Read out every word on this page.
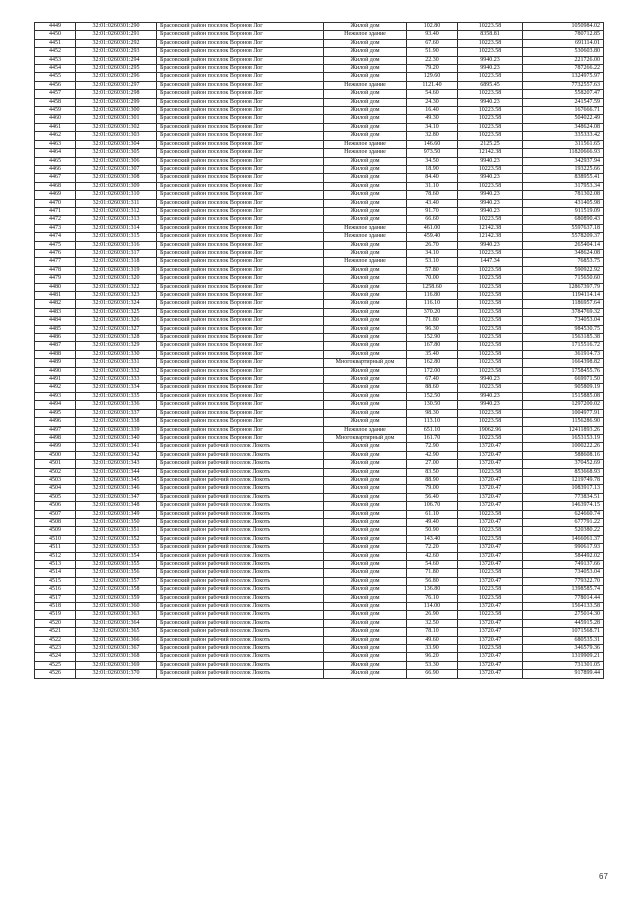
4449	32:01:0260301:290	Брасовский район поселок Воронов Лог	Жилой дом	102.80	10223.58	1050984.02
4450	32:01:0260301:291	Брасовский район поселок Воронов Лог	Нежилое здание	93.40	8358.81	780712.85
4451	32:01:0260301:292	Брасовский район поселок Воронов Лог	Жилой дом	67.60	10223.58	691114.01
4452	32:01:0260301:293	Брасовский район поселок Воронов Лог	Жилой дом	51.90	10223.58	530603.80
4453	32:01:0260301:294	Брасовский район поселок Воронов Лог	Жилой дом	22.30	9940.23	221726.00
4454	32:01:0260301:295	Брасовский район поселок Воронов Лог	Жилой дом	79.20	9940.23	787266.22
4455	32:01:0260301:296	Брасовский район поселок Воронов Лог	Жилой дом	129.60	10223.58	1324975.97
4456	32:01:0260301:297	Брасовский район поселок Воронов Лог	Нежилое здание	1121.40	6895.45	7732557.63
4457	32:01:0260301:298	Брасовский район поселок Воронов Лог	Жилой дом	54.60	10223.58	558207.47
4458	32:01:0260301:299	Брасовский район поселок Воронов Лог	Жилой дом	24.30	9940.23	241547.59
4459	32:01:0260301:300	Брасовский район поселок Воронов Лог	Жилой дом	16.40	10223.58	167666.71
4460	32:01:0260301:301	Брасовский район поселок Воронов Лог	Жилой дом	49.30	10223.58	504022.49
4461	32:01:0260301:302	Брасовский район поселок Воронов Лог	Жилой дом	34.10	10223.58	348624.08
4462	32:01:0260301:303	Брасовский район поселок Воронов Лог	Жилой дом	32.80	10223.58	335333.42
4463	32:01:0260301:304	Брасовский район поселок Воронов Лог	Нежилое здание	146.60	2125.25	311561.65
4464	32:01:0260301:305	Брасовский район поселок Воронов Лог	Нежилое здание	973.50	12142.38	11820666.93
4465	32:01:0260301:306	Брасовский район поселок Воронов Лог	Жилой дом	34.50	9940.23	342937.94
4466	32:01:0260301:307	Брасовский район поселок Воронов Лог	Жилой дом	18.90	10223.58	193225.66
4467	32:01:0260301:308	Брасовский район поселок Воронов Лог	Жилой дом	84.40	9940.23	838955.41
4468	32:01:0260301:309	Брасовский район поселок Воронов Лог	Жилой дом	31.10	10223.58	317953.34
4469	32:01:0260301:310	Брасовский район поселок Воронов Лог	Жилой дом	78.60	9940.23	781302.08
4470	32:01:0260301:311	Брасовский район поселок Воронов Лог	Жилой дом	43.40	9940.23	431405.98
4471	32:01:0260301:312	Брасовский район поселок Воронов Лог	Жилой дом	91.70	9940.23	911519.09
4472	32:01:0260301:313	Брасовский район поселок Воронов Лог	Жилой дом	66.60	10223.58	680890.43
4473	32:01:0260301:314	Брасовский район поселок Воронов Лог	Нежилое здание	461.00	12142.38	5597637.18
4474	32:01:0260301:315	Брасовский район поселок Воронов Лог	Нежилое здание	459.40	12142.38	5578209.37
4475	32:01:0260301:316	Брасовский район поселок Воронов Лог	Жилой дом	26.70	9940.23	265404.14
4476	32:01:0260301:317	Брасовский район поселок Воронов Лог	Жилой дом	34.10	10223.58	348624.08
4477	32:01:0260301:318	Брасовский район поселок Воронов Лог	Нежилое здание	53.10	1447.34	76853.75
4478	32:01:0260301:319	Брасовский район поселок Воронов Лог	Жилой дом	57.80	10223.58	590922.92
4479	32:01:0260301:320	Брасовский район поселок Воронов Лог	Жилой дом	70.00	10223.58	715650.60
4480	32:01:0260301:322	Брасовский район поселок Воронов Лог	Жилой дом	1258.60	10223.58	12867397.79
4481	32:01:0260301:323	Брасовский район поселок Воронов Лог	Жилой дом	116.80	10223.58	1194114.14
4482	32:01:0260301:324	Брасовский район поселок Воронов Лог	Жилой дом	116.10	10223.58	1186957.64
4483	32:01:0260301:325	Брасовский район поселок Воронов Лог	Жилой дом	370.20	10223.58	3784769.32
4484	32:01:0260301:326	Брасовский район поселок Воронов Лог	Жилой дом	71.80	10223.58	734053.04
4485	32:01:0260301:327	Брасовский район поселок Воронов Лог	Жилой дом	96.30	10223.58	984530.75
4486	32:01:0260301:328	Брасовский район поселок Воронов Лог	Жилой дом	152.90	10223.58	1563185.38
4487	32:01:0260301:329	Брасовский район поселок Воронов Лог	Жилой дом	167.80	10223.58	1715516.72
4488	32:01:0260301:330	Брасовский район поселок Воронов Лог	Жилой дом	35.40	10223.58	361914.73
4489	32:01:0260301:331	Брасовский район поселок Воронов Лог	Многоквартирный дом	162.80	10223.58	1664398.82
4490	32:01:0260301:332	Брасовский район поселок Воронов Лог	Жилой дом	172.00	10223.58	1758455.76
4491	32:01:0260301:333	Брасовский район поселок Воронов Лог	Жилой дом	67.40	9940.23	669971.50
4492	32:01:0260301:334	Брасовский район поселок Воронов Лог	Жилой дом	88.60	10223.58	905809.19
4493	32:01:0260301:335	Брасовский район поселок Воронов Лог	Жилой дом	152.50	9940.23	1515885.08
4494	32:01:0260301:336	Брасовский район поселок Воронов Лог	Жилой дом	130.50	9940.23	1297200.02
4495	32:01:0260301:337	Брасовский район поселок Воронов Лог	Жилой дом	98.30	10223.58	1004977.91
4496	32:01:0260301:338	Брасовский район поселок Воронов Лог	Жилой дом	113.10	10223.58	1156286.90
4497	32:01:0260301:339	Брасовский район поселок Воронов Лог	Нежилое здание	651.10	19062.96	12411893.26
4498	32:01:0260301:340	Брасовский район поселок Воронов Лог	Многоквартирный дом	161.70	10223.58	1653153.19
4499	32:01:0260301:341	Брасовский район рабочий поселок Локоть	Жилой дом	72.90	13720.47	1000222.26
4500	32:01:0260301:342	Брасовский район рабочий поселок Локоть	Жилой дом	42.90	13720.47	588608.16
4501	32:01:0260301:343	Брасовский район рабочий поселок Локоть	Жилой дом	27.00	13720.47	370452.69
4502	32:01:0260301:344	Брасовский район рабочий поселок Локоть	Жилой дом	83.50	10223.58	853668.93
4503	32:01:0260301:345	Брасовский район рабочий поселок Локоть	Жилой дом	88.90	13720.47	1219749.78
4504	32:01:0260301:346	Брасовский район рабочий поселок Локоть	Жилой дом	79.00	13720.47	1083917.13
4505	32:01:0260301:347	Брасовский район рабочий поселок Локоть	Жилой дом	56.40	13720.47	773834.51
4506	32:01:0260301:348	Брасовский район рабочий поселок Локоть	Жилой дом	106.70	13720.47	1463974.15
4507	32:01:0260301:349	Брасовский район рабочий поселок Локоть	Жилой дом	61.10	10223.58	624660.74
4508	32:01:0260301:350	Брасовский район рабочий поселок Локоть	Жилой дом	49.40	13720.47	677791.22
4509	32:01:0260301:351	Брасовский район рабочий поселок Локоть	Жилой дом	50.90	10223.58	520380.22
4510	32:01:0260301:352	Брасовский район рабочий поселок Локоть	Жилой дом	143.40	10223.58	1466061.37
4511	32:01:0260301:353	Брасовский район рабочий поселок Локоть	Жилой дом	72.20	13720.47	990617.93
4512	32:01:0260301:354	Брасовский район рабочий поселок Локоть	Жилой дом	42.60	13720.47	584492.02
4513	32:01:0260301:355	Брасовский район рабочий поселок Локоть	Жилой дом	54.60	13720.47	749137.66
4514	32:01:0260301:356	Брасовский район рабочий поселок Локоть	Жилой дом	71.80	10223.58	734053.04
4515	32:01:0260301:357	Брасовский район рабочий поселок Локоть	Жилой дом	56.80	13720.47	779322.70
4516	32:01:0260301:358	Брасовский район рабочий поселок Локоть	Жилой дом	136.80	10223.58	1398585.74
4517	32:01:0260301:359	Брасовский район рабочий поселок Локоть	Жилой дом	76.10	10223.58	778014.44
4518	32:01:0260301:360	Брасовский район рабочий поселок Локоть	Жилой дом	114.00	13720.47	1564133.58
4519	32:01:0260301:363	Брасовский район рабочий поселок Локоть	Жилой дом	26.90	10223.58	275014.30
4520	32:01:0260301:364	Брасовский район рабочий поселок Локоть	Жилой дом	32.50	13720.47	445915.28
4521	32:01:0260301:365	Брасовский район рабочий поселок Локоть	Жилой дом	78.10	13720.47	1071568.71
4522	32:01:0260301:366	Брасовский район рабочий поселок Локоть	Жилой дом	49.60	13720.47	680535.31
4523	32:01:0260301:367	Брасовский район рабочий поселок Локоть	Жилой дом	33.90	10223.58	346579.36
4524	32:01:0260301:368	Брасовский район рабочий поселок Локоть	Жилой дом	96.20	13720.47	1319909.21
4525	32:01:0260301:369	Брасовский район рабочий поселок Локоть	Жилой дом	53.30	13720.47	731301.05
4526	32:01:0260301:370	Брасовский район рабочий поселок Локоть	Жилой дом	66.90	13720.47	917899.44
67
